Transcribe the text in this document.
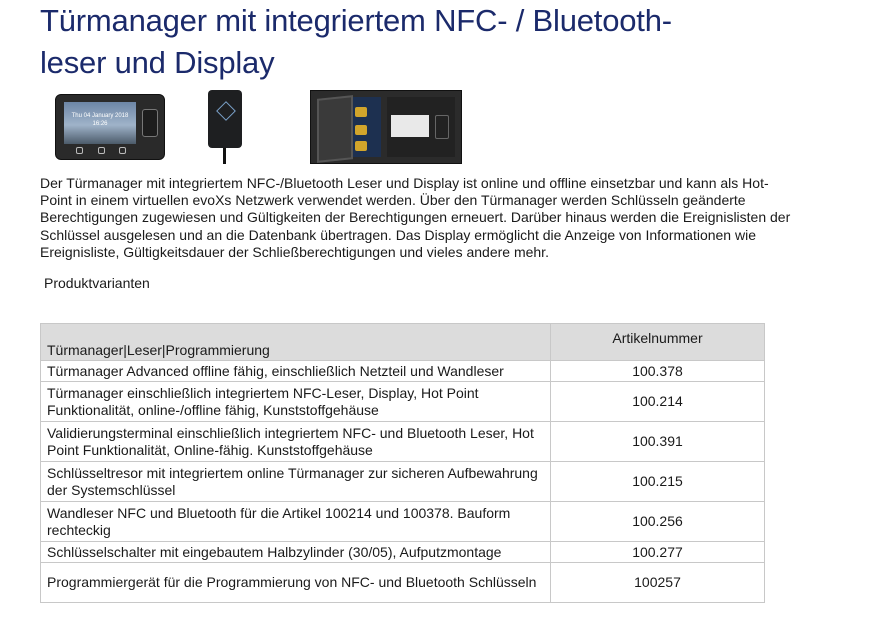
Türmanager mit integriertem NFC- / Bluetooth-
leser und Display
Thu 04 January 2018
16:26

Der Türmanager mit integriertem NFC-/Bluetooth Leser und Display ist online und offline einsetzbar und kann als Hot-Point in einem virtuellen evoXs Netzwerk verwendet werden. Über den Türmanager werden Schlüsseln geänderte Berechtigungen zugewiesen und Gültigkeiten der Berechtigungen erneuert. Darüber hinaus werden die Ereignislisten der Schlüssel ausgelesen und an die Datenbank übertragen. Das Display ermöglicht die Anzeige von Informationen wie Ereignisliste, Gültigkeitsdauer der Schließberechtigungen und vieles andere mehr.

Produktvarianten

Türmanager|Leser|Programmierung	Artikelnummer
Türmanager Advanced offline fähig, einschließlich Netzteil und Wandleser	100.378
Türmanager einschließlich integriertem NFC-Leser, Display, Hot Point Funktionalität, online-/offline fähig, Kunststoffgehäuse	100.214
Validierungsterminal einschließlich integriertem NFC- und Bluetooth Leser, Hot Point Funktionalität, Online-fähig. Kunststoffgehäuse	100.391
Schlüsseltresor mit integriertem online Türmanager zur sicheren Aufbewahrung der Systemschlüssel	100.215
Wandleser NFC und Bluetooth für die Artikel 100214 und 100378. Bauform rechteckig	100.256
Schlüsselschalter mit eingebautem Halbzylinder (30/05), Aufputzmontage	100.277
Programmiergerät für die Programmierung von NFC- und Bluetooth Schlüsseln	100257
